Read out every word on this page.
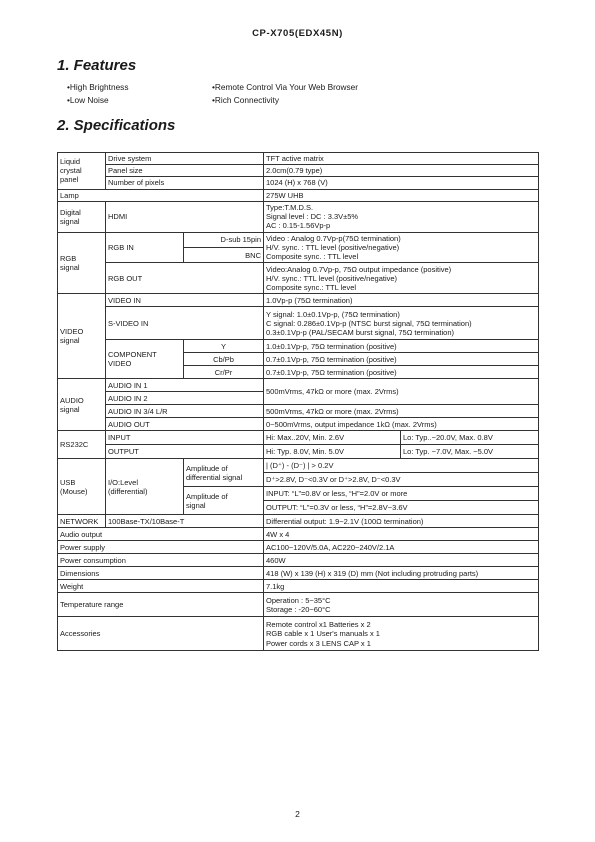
CP-X705(EDX45N)
1. Features
• High Brightness	• Remote Control Via Your Web Browser
• Low Noise	• Rich Connectivity
2. Specifications
Liquid
crystal
panel	Drive system		TFT active matrix	
	Panel size		2.0cm(0.79 type)	
	Number of pixels		1024 (H) x 768 (V)	
Lamp			275W UHB	
Digital
signal	HDMI		Type:T.M.D.S.
Signal level : DC : 3.3V±5%
AC : 0.15-1.56Vp-p	
RGB
signal	RGB IN	D-sub 15pin	Video : Analog 0.7Vp-p(75Ω termination)
H/V. sync. : TTL level (positive/negative)
Composite sync. : TTL level	
		BNC		
	RGB OUT		Video:Analog 0.7Vp-p, 75Ω output impedance (positive)
H/V. sync.: TTL level (positive/negative)
Composite sync.: TTL level	
VIDEO
signal	VIDEO IN		1.0Vp-p (75Ω termination)	
	S-VIDEO IN		Y signal: 1.0±0.1Vp-p, (75Ω termination)
C signal: 0.286±0.1Vp-p (NTSC burst signal, 75Ω termination)
0.3±0.1Vp-p (PAL/SECAM burst signal, 75Ω termination)	
	COMPONENT
VIDEO	Y	1.0±0.1Vp-p, 75Ω termination (positive)	
		Cb/Pb	0.7±0.1Vp-p, 75Ω termination (positive)	
		Cr/Pr	0.7±0.1Vp-p, 75Ω termination (positive)	
AUDIO
signal	AUDIO IN 1		500mVrms, 47kΩ or more (max. 2Vrms)	
	AUDIO IN 2			
	AUDIO IN 3/4 L/R		500mVrms, 47kΩ or more (max. 2Vrms)	
	AUDIO OUT		0~500mVrms, output impedance 1kΩ (max. 2Vrms)	
RS232C	INPUT		Hi: Max..20V, Min. 2.6V	Lo: Typ..−20.0V, Max. 0.8V
	OUTPUT		Hi: Typ. 8.0V, Min. 5.0V	Lo: Typ. −7.0V, Max. −5.0V
USB
(Mouse)	I/O:Level
(differential)	Amplitude of
differential signal	| (D⁺) - (D⁻) | > 0.2V	
			D⁺>2.8V, D⁻<0.3V or D⁺>2.8V, D⁻<0.3V	
		Amplitude of
signal	INPUT: “L”=0.8V or less, “H”=2.0V or more	
			OUTPUT: “L”=0.3V or less, “H”=2.8V~3.6V	
NETWORK	100Base-TX/10Base-T		Differential output: 1.9~2.1V (100Ω termination)	
Audio output			4W x 4	
Power supply			AC100~120V/5.0A, AC220~240V/2.1A	
Power consumption			460W	
Dimensions			418 (W) x 139 (H) x 319 (D) mm (Not including protruding parts)	
Weight			7.1kg	
Temperature range			Operation : 5~35°C
Storage : -20~60°C	
Accessories			Remote control x1 Batteries x 2
RGB cable x 1 User's manuals x 1
Power cords x 3 LENS CAP x 1	
2
